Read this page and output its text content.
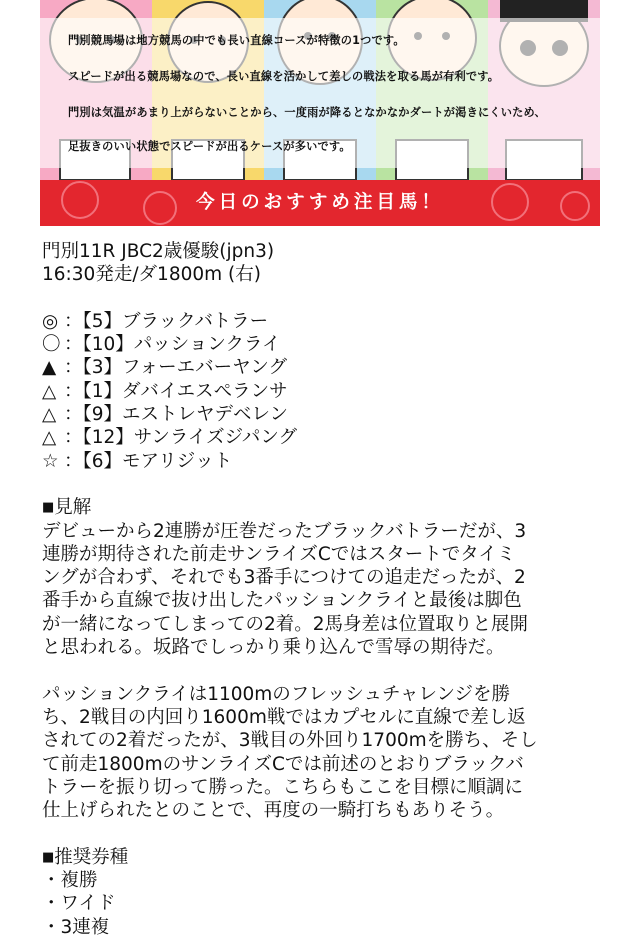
門別競馬場は地方競馬の中でも長い直線コースが特徴の1つです。
スピードが出る競馬場なので、長い直線を活かして差しの戦法を取る馬が有利です。
門別は気温があまり上がらないことから、一度雨が降るとなかなかダートが渇きにくいため、
足抜きのいい状態でスピードが出るケースが多いです。
今日のおすすめ注目馬！
門別11R JBC2歳優駿(jpn3)
16:30発走/ダ1800m (右)
◎ ：【5】ブラックバトラー
〇 ：【10】パッションクライ
▲ ：【3】フォーエバーヤング
△ ：【1】ダバイエスペランサ
△ ：【9】エストレヤデベレン
△ ：【12】サンライズジパング
☆ ：【6】モアリジット
■見解
デビューから2連勝が圧巻だったブラックバトラーだが、3
連勝が期待された前走サンライズCではスタートでタイミ
ングが合わず、それでも3番手につけての追走だったが、2
番手から直線で抜け出したパッションクライと最後は脚色
が一緒になってしまっての2着。2馬身差は位置取りと展開
と思われる。坂路でしっかり乗り込んで雪辱の期待だ。
パッションクライは1100mのフレッシュチャレンジを勝
ち、2戦目の内回り1600m戦ではカプセルに直線で差し返
されての2着だったが、3戦目の外回り1700mを勝ち、そし
て前走1800mのサンライズCでは前述のとおりブラックバ
トラーを振り切って勝った。こちらもここを目標に順調に
仕上げられたとのことで、再度の一騎打ちもありそう。
■推奨券種
・複勝
・ワイド
・3連複
